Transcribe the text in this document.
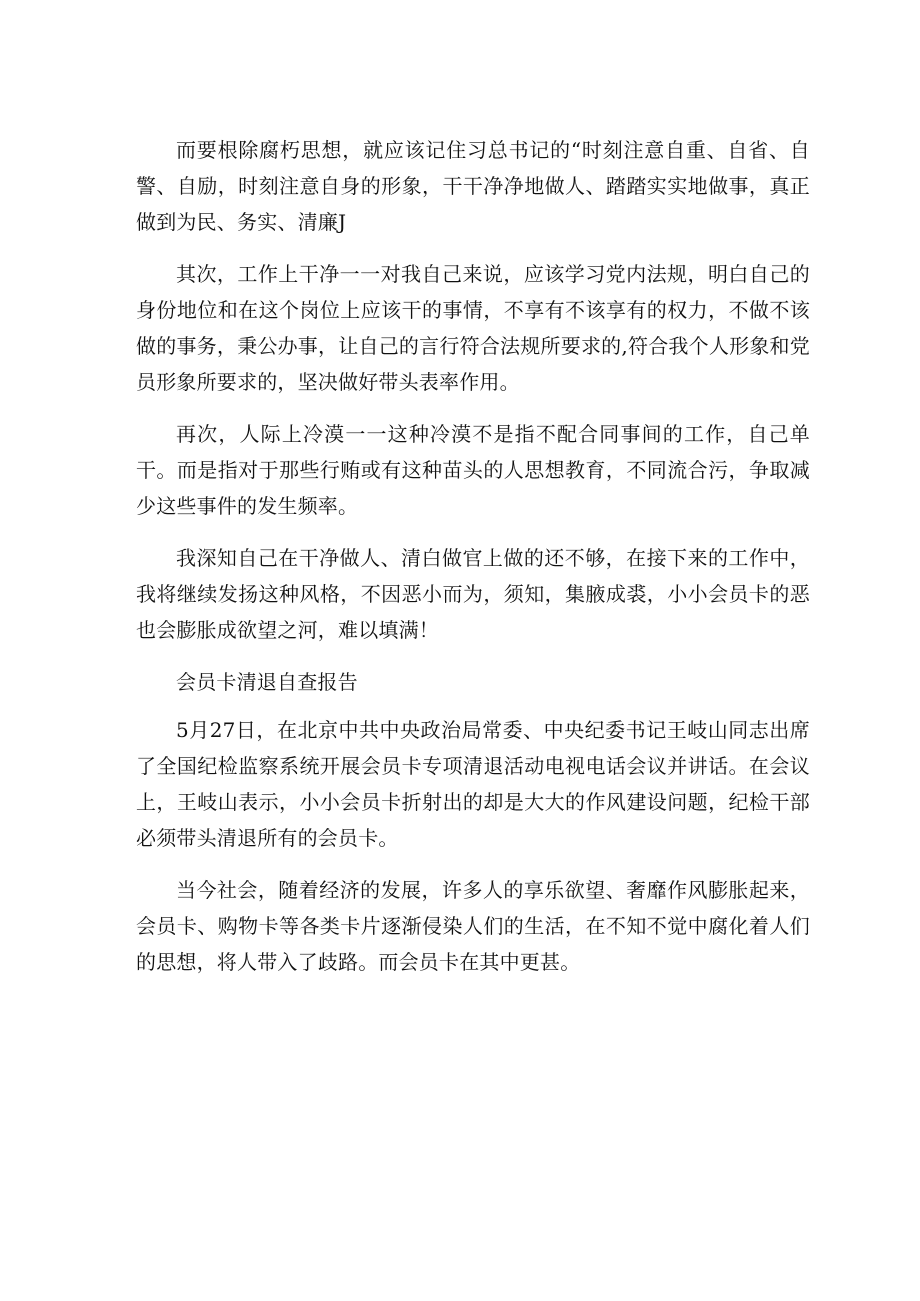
而要根除腐朽思想，就应该记住习总书记的“时刻注意自重、自省、自警、自励，时刻注意自身的形象，干干净净地做人、踏踏实实地做事，真正做到为民、务实、清廉J

其次，工作上干净一一对我自己来说，应该学习党内法规，明白自己的身份地位和在这个岗位上应该干的事情，不享有不该享有的权力，不做不该做的事务，秉公办事，让自己的言行符合法规所要求的,符合我个人形象和党员形象所要求的，坚决做好带头表率作用。

再次，人际上冷漠一一这种冷漠不是指不配合同事间的工作，自己单干。而是指对于那些行贿或有这种苗头的人思想教育，不同流合污，争取减少这些事件的发生频率。

我深知自己在干净做人、清白做官上做的还不够，在接下来的工作中，我将继续发扬这种风格，不因恶小而为，须知，集腋成裘，小小会员卡的恶也会膨胀成欲望之河，难以填满！

会员卡清退自查报告

5月27日，在北京中共中央政治局常委、中央纪委书记王岐山同志出席了全国纪检监察系统开展会员卡专项清退活动电视电话会议并讲话。在会议上，王岐山表示，小小会员卡折射出的却是大大的作风建设问题，纪检干部必须带头清退所有的会员卡。

当今社会，随着经济的发展，许多人的享乐欲望、奢靡作风膨胀起来，会员卡、购物卡等各类卡片逐渐侵染人们的生活，在不知不觉中腐化着人们的思想，将人带入了歧路。而会员卡在其中更甚。
